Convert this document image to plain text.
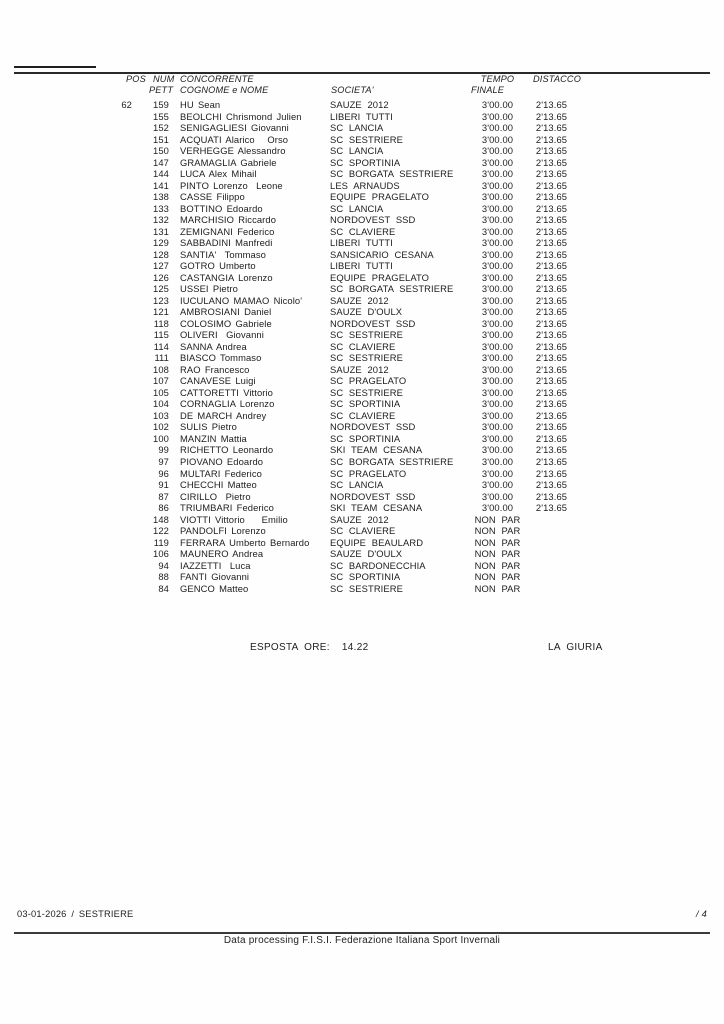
POS NUM CONCORRENTE	TEMPO	DISTACCO
PETT COGNOME e NOME	SOCIETA'	FINALE
62	159 HU Sean	SAUZE 2012	3'00.00	2'13.65
155 BEOLCHI Chrismond Julien	LIBERI TUTTI	3'00.00	2'13.65
152 SENIGAGLIESI Giovanni	SC LANCIA	3'00.00	2'13.65
151 ACQUATI Alarico   Orso	SC SESTRIERE	3'00.00	2'13.65
150 VERHEGGE Alessandro	SC LANCIA	3'00.00	2'13.65
147 GRAMAGLIA Gabriele	SC SPORTINIA	3'00.00	2'13.65
144 LUCA Alex Mihail	SC BORGATA SESTRIERE	3'00.00	2'13.65
141 PINTO Lorenzo  Leone	LES ARNAUDS	3'00.00	2'13.65
138 CASSE Filippo	EQUIPE PRAGELATO	3'00.00	2'13.65
133 BOTTINO Edoardo	SC LANCIA	3'00.00	2'13.65
132 MARCHISIO Riccardo	NORDOVEST SSD	3'00.00	2'13.65
131 ZEMIGNANI Federico	SC CLAVIERE	3'00.00	2'13.65
129 SABBADINI Manfredi	LIBERI TUTTI	3'00.00	2'13.65
128 SANTIA'  Tommaso	SANSICARIO CESANA	3'00.00	2'13.65
127 GOTRO Umberto	LIBERI TUTTI	3'00.00	2'13.65
126 CASTANGIA Lorenzo	EQUIPE PRAGELATO	3'00.00	2'13.65
125 USSEI Pietro	SC BORGATA SESTRIERE	3'00.00	2'13.65
123 IUCULANO MAMAO Nicolo'	SAUZE 2012	3'00.00	2'13.65
121 AMBROSIANI Daniel	SAUZE D'OULX	3'00.00	2'13.65
118 COLOSIMO Gabriele	NORDOVEST SSD	3'00.00	2'13.65
115 OLIVERI  Giovanni	SC SESTRIERE	3'00.00	2'13.65
114 SANNA Andrea	SC CLAVIERE	3'00.00	2'13.65
111 BIASCO Tommaso	SC SESTRIERE	3'00.00	2'13.65
108 RAO Francesco	SAUZE 2012	3'00.00	2'13.65
107 CANAVESE Luigi	SC PRAGELATO	3'00.00	2'13.65
105 CATTORETTI Vittorio	SC SESTRIERE	3'00.00	2'13.65
104 CORNAGLIA Lorenzo	SC SPORTINIA	3'00.00	2'13.65
103 DE MARCH Andrey	SC CLAVIERE	3'00.00	2'13.65
102 SULIS Pietro	NORDOVEST SSD	3'00.00	2'13.65
100 MANZIN Mattia	SC SPORTINIA	3'00.00	2'13.65
99 RICHETTO Leonardo	SKI TEAM CESANA	3'00.00	2'13.65
97 PIOVANO Edoardo	SC BORGATA SESTRIERE	3'00.00	2'13.65
96 MULTARI Federico	SC PRAGELATO	3'00.00	2'13.65
91 CHECCHI Matteo	SC LANCIA	3'00.00	2'13.65
87 CIRILLO  Pietro	NORDOVEST SSD	3'00.00	2'13.65
86 TRIUMBARI Federico	SKI TEAM CESANA	3'00.00	2'13.65
148 VIOTTI Vittorio    Emilio	SAUZE 2012	NON PAR
122 PANDOLFI Lorenzo	SC CLAVIERE	NON PAR
119 FERRARA Umberto Bernardo	EQUIPE BEAULARD	NON PAR
106 MAUNERO Andrea	SAUZE D'OULX	NON PAR
94 IAZZETTI  Luca	SC BARDONECCHIA	NON PAR
88 FANTI Giovanni	SC SPORTINIA	NON PAR
84 GENCO Matteo	SC SESTRIERE	NON PAR
ESPOSTA ORE:  14.22	LA GIURIA
03-01-2026 / SESTRIERE	/ 4
Data processing F.I.S.I. Federazione Italiana Sport Invernali
